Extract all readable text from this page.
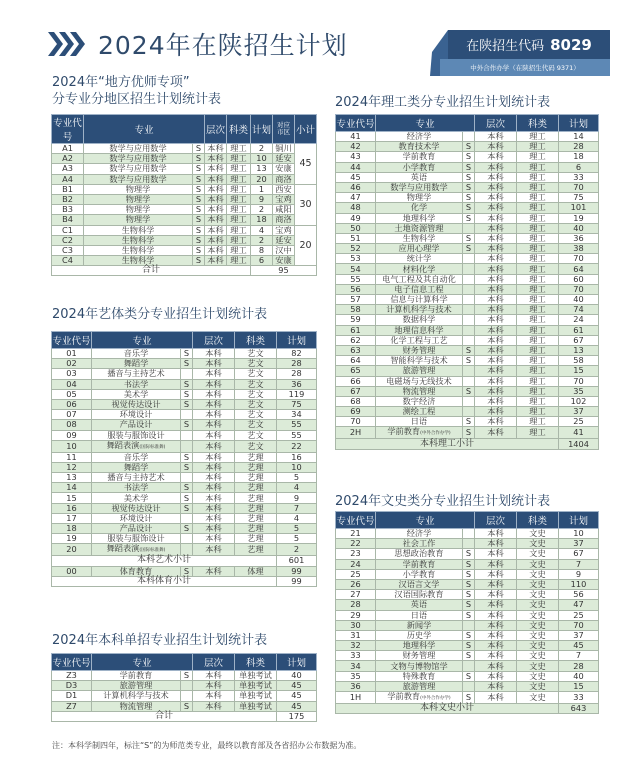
2024年在陕招生计划	在陕招生代码 8029
中外合作办学（在陕招生代码 9371）
2024年“地方优师专项”
分专业分地区招生计划统计表
专业代号	专业		层次	科类	计划	对应
市区	小计
A1	数学与应用数学	S	本科	理工	2	铜川	45
A2	数学与应用数学	S	本科	理工	10	延安	
A3	数学与应用数学	S	本科	理工	13	安康	
A4	数学与应用数学	S	本科	理工	20	商洛	
B1	物理学	S	本科	理工	1	西安	30
B2	物理学	S	本科	理工	9	宝鸡	
B3	物理学	S	本科	理工	2	咸阳	
B4	物理学	S	本科	理工	18	商洛	
C1	生物科学	S	本科	理工	4	宝鸡	20
C2	生物科学	S	本科	理工	2	延安	
C3	生物科学	S	本科	理工	8	汉中	
C4	生物科学	S	本科	理工	6	安康	
合计					95		
2024年艺体类分专业招生计划统计表
专业代号	专业		层次	科类	计划
01	音乐学	S	本科	艺文	82
02	舞蹈学	S	本科	艺文	28
03	播音与主持艺术		本科	艺文	28
04	书法学	S	本科	艺文	36
05	美术学	S	本科	艺文	119
06	视觉传达设计	S	本科	艺文	75
07	环境设计		本科	艺文	34
08	产品设计	S	本科	艺文	55
09	服装与服饰设计		本科	艺文	55
10	舞蹈表演(国际标准舞)		本科	艺文	22
11	音乐学	S	本科	艺理	16
12	舞蹈学	S	本科	艺理	10
13	播音与主持艺术		本科	艺理	5
14	书法学	S	本科	艺理	4
15	美术学	S	本科	艺理	9
16	视觉传达设计	S	本科	艺理	7
17	环境设计		本科	艺理	4
18	产品设计	S	本科	艺理	5
19	服装与服饰设计		本科	艺理	5
20	舞蹈表演(国际标准舞)		本科	艺理	2
本科艺术小计					601
00	体育教育	S	本科	体理	99
本科体育小计					99
2024年本科单招专业招生计划统计表
专业代号	专业		层次	科类	计划
Z3	学前教育	S	本科	单独考试	40
D3	旅游管理		本科	单独考试	45
D1	计算机科学与技术		本科	单独考试	45
Z7	物流管理	S	本科	单独考试	45
合计					175
2024年理工类分专业招生计划统计表
专业代号	专业		层次	科类	计划
41	经济学		本科	理工	14
42	教育技术学	S	本科	理工	28
43	学前教育	S	本科	理工	18
44	小学教育	S	本科	理工	6
45	英语	S	本科	理工	33
46	数学与应用数学	S	本科	理工	70
47	物理学	S	本科	理工	75
48	化学	S	本科	理工	101
49	地理科学	S	本科	理工	19
50	土地资源管理		本科	理工	40
51	生物科学	S	本科	理工	36
52	应用心理学	S	本科	理工	38
53	统计学		本科	理工	70
54	材料化学		本科	理工	64
55	电气工程及其自动化		本科	理工	60
56	电子信息工程		本科	理工	70
57	信息与计算科学		本科	理工	40
58	计算机科学与技术		本科	理工	74
59	数据科学		本科	理工	24
61	地理信息科学		本科	理工	61
62	化学工程与工艺		本科	理工	67
63	财务管理	S	本科	理工	13
64	智能科学与技术	S	本科	理工	58
65	旅游管理		本科	理工	15
66	电磁场与无线技术		本科	理工	70
67	物流管理	S	本科	理工	35
68	数字经济		本科	理工	102
69	测绘工程		本科	理工	37
70	日语	S	本科	理工	25
2H	学前教育(中外合作办学)	S	本科	理工	41
本科理工小计					1404
2024年文史类分专业招生计划统计表
专业代号	专业		层次	科类	计划
21	经济学		本科	文史	10
22	社会工作		本科	文史	37
23	思想政治教育	S	本科	文史	67
24	学前教育	S	本科	文史	7
25	小学教育	S	本科	文史	9
26	汉语言文学	S	本科	文史	110
27	汉语国际教育	S	本科	文史	56
28	英语	S	本科	文史	47
29	日语	S	本科	文史	25
30	新闻学		本科	文史	70
31	历史学	S	本科	文史	37
32	地理科学	S	本科	文史	45
33	财务管理	S	本科	文史	7
34	文物与博物馆学		本科	文史	28
35	特殊教育	S	本科	文史	40
36	旅游管理		本科	文史	15
1H	学前教育(中外合作办学)	S	本科	文史	33
本科文史小计					643
注：本科学制四年，标注“S”的为师范类专业，最终以教育部及各省招办公布数据为准。
